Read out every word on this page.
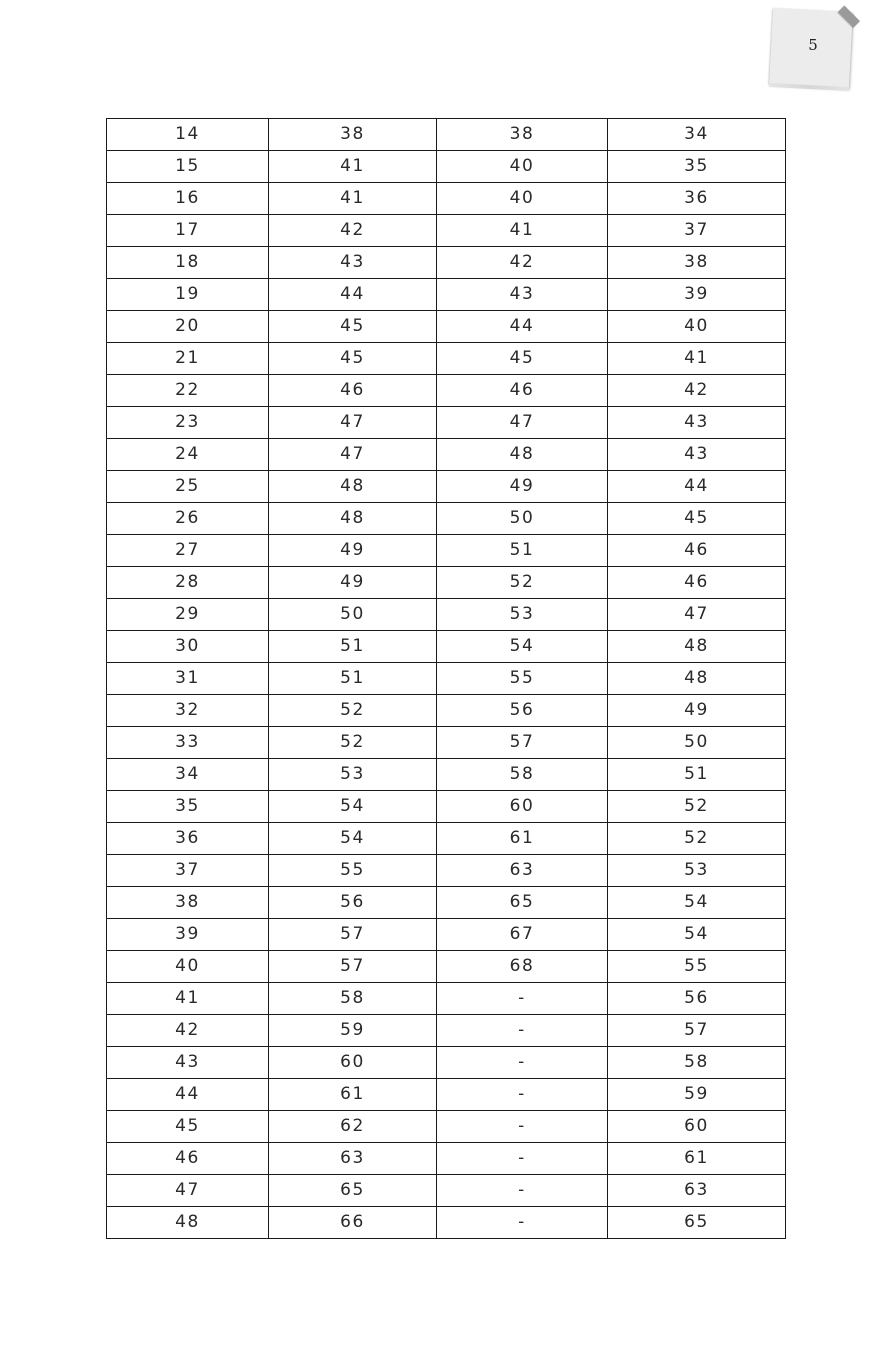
5
​
14	38	38	34
15	41	40	35
16	41	40	36
17	42	41	37
18	43	42	38
19	44	43	39
20	45	44	40
21	45	45	41
22	46	46	42
23	47	47	43
24	47	48	43
25	48	49	44
26	48	50	45
27	49	51	46
28	49	52	46
29	50	53	47
30	51	54	48
31	51	55	48
32	52	56	49
33	52	57	50
34	53	58	51
35	54	60	52
36	54	61	52
37	55	63	53
38	56	65	54
39	57	67	54
40	57	68	55
41	58	-	56
42	59	-	57
43	60	-	58
44	61	-	59
45	62	-	60
46	63	-	61
47	65	-	63
48	66	-	65
